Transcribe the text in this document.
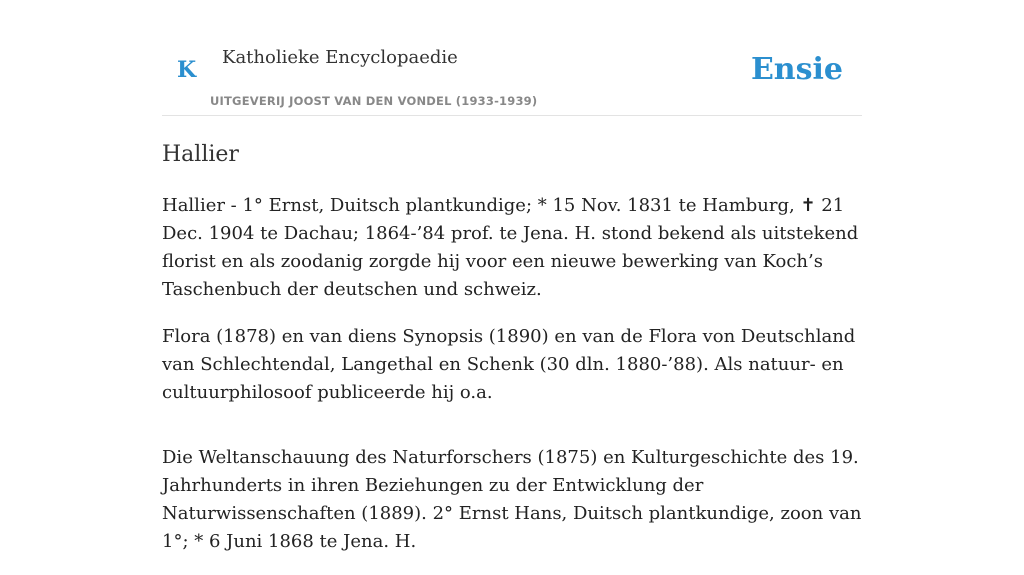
K Katholieke Encyclopaedie
UITGEVERIJ JOOST VAN DEN VONDEL (1933-1939)
Ensie
Hallier

Hallier - 1° Ernst, Duitsch plantkundige; * 15 Nov. 1831 te Hamburg, ✝ 21 Dec. 1904 te Dachau; 1864-’84 prof. te Jena. H. stond bekend als uitstekend florist en als zoodanig zorgde hij voor een nieuwe bewerking van Koch’s Taschenbuch der deutschen und schweiz.

Flora (1878) en van diens Synopsis (1890) en van de Flora von Deutschland van Schlechtendal, Langethal en Schenk (30 dln. 1880-’88). Als natuur- en cultuurphilosoof publiceerde hij o.a.

Die Weltanschauung des Naturforschers (1875) en Kulturgeschichte des 19. Jahrhunderts in ihren Beziehungen zu der Entwicklung der Naturwissenschaften (1889). 2° Ernst Hans, Duitsch plantkundige, zoon van 1°; * 6 Juni 1868 te Jena. H.
